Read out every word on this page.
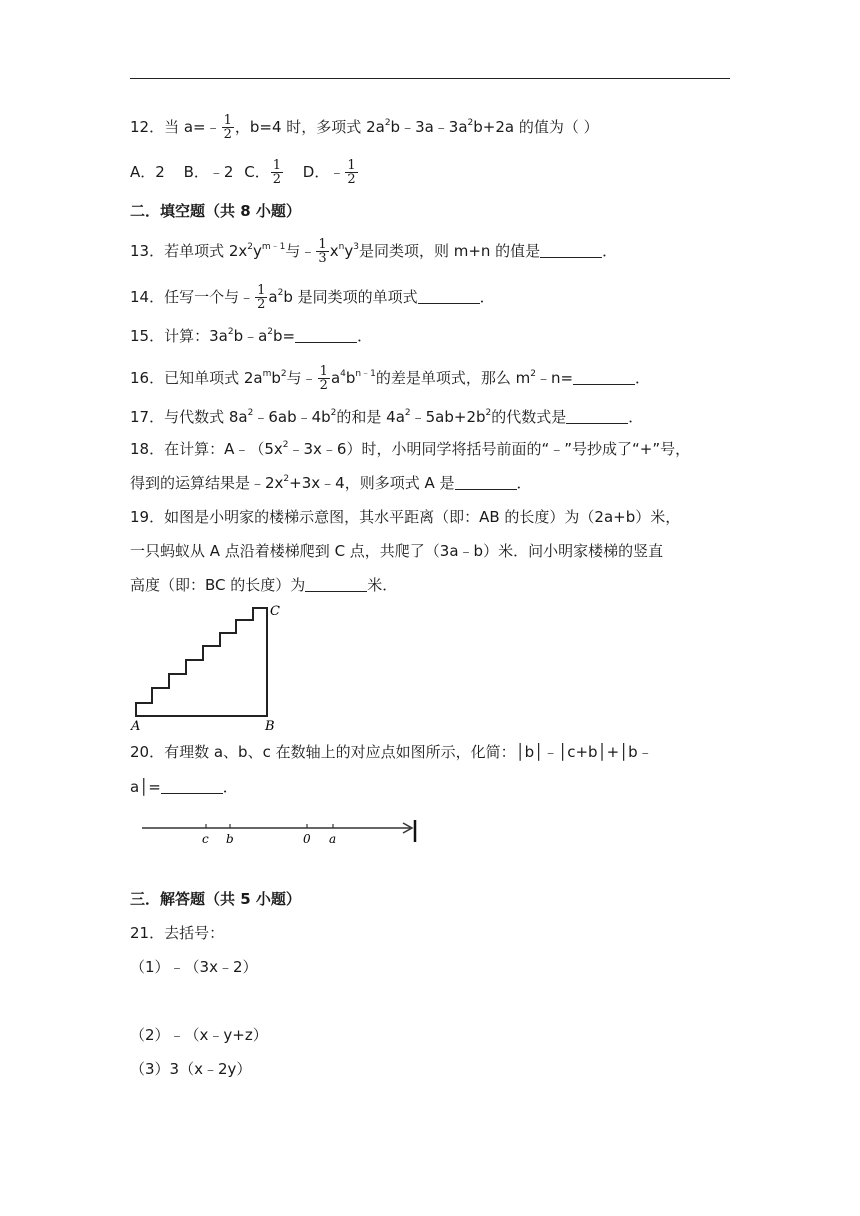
12．当 a=﹣ $\frac{1}{2}$ ，b=4 时，多项式 $2a^2b﹣3a﹣3a^2b+2a$ 的值为（ ）
A．2 B．﹣2 C． $\frac{1}{2}$ D．﹣ $\frac{1}{2}$
二．填空题（共 8 小题）
13．若单项式 $2x^2y^{m﹣1}$与﹣ $\frac{1}{3} x^ny^3$是同类项，则 m+n 的值是	．
14．任写一个与﹣ $\frac{1}{2} a^2b$ 是同类项的单项式	．
15．计算：$3a^2b﹣a^2b=$	．
16．已知单项式 $2a^mb^2$与﹣ $\frac{1}{2} a^4b^{n﹣1}$的差是单项式，那么 $m^2﹣n=$	．
17．与代数式 $8a^2﹣6ab﹣4b^2$的和是 $4a^2﹣5ab+2b^2$的代数式是	．
18．在计算：$A﹣(5x^2﹣3x﹣6)$时，小明同学将括号前面的“﹣”号抄成了“+”号，
得到的运算结果是$﹣2x^2+3x﹣4$，则多项式 A 是	．
19．如图是小明家的楼梯示意图，其水平距离（即：AB 的长度）为（2a+b）米，
一只蚂蚁从 A 点沿着楼梯爬到 C 点，共爬了（3a﹣b）米．问小明家楼梯的竖直
高度（即：BC 的长度）为	米．
A	B
C
20．有理数 a、b、c 在数轴上的对应点如图所示，化简：│b│﹣│c+b│+│b﹣
a│=	．
c b	0 a
三．解答题（共 5 小题）
21．去括号：
（1）﹣（3x﹣2）
（2）﹣（x﹣y+z）
（3）3（x﹣2y）
